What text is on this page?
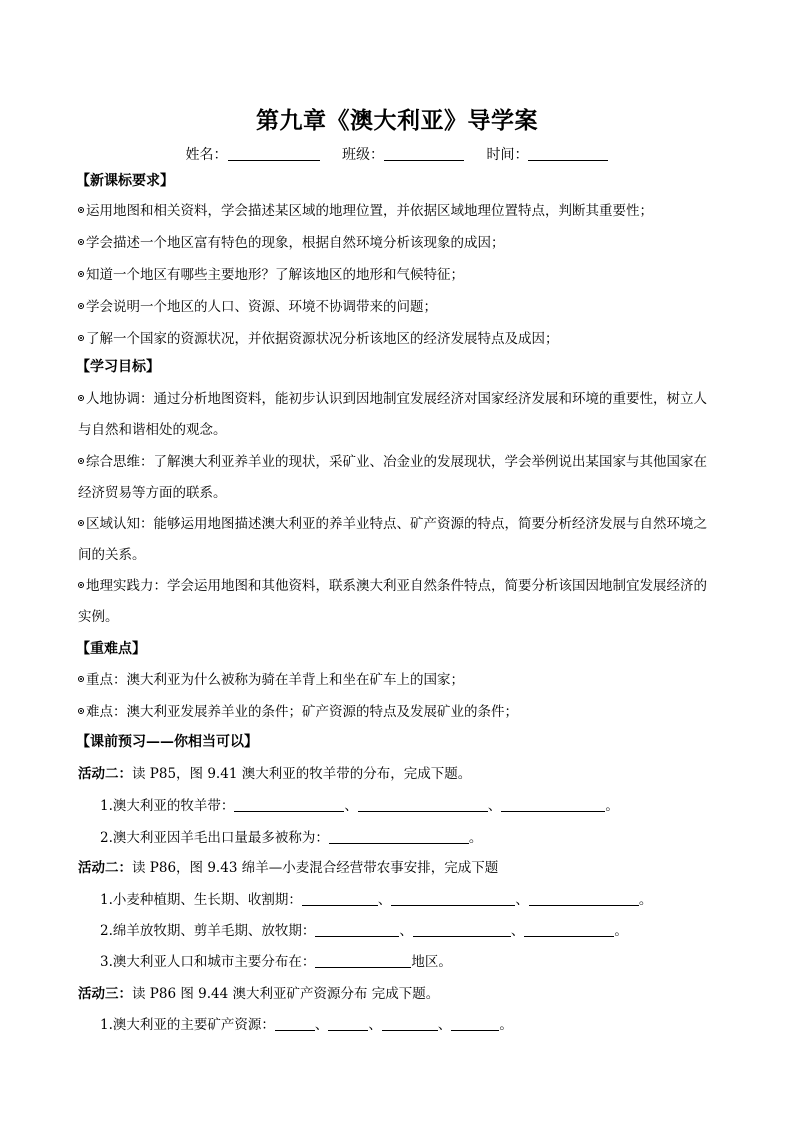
第九章《澳大利亚》导学案
姓名：	班级：	时间：
【新课标要求】
运用地图和相关资料，学会描述某区域的地理位置，并依据区域地理位置特点，判断其重要性；
学会描述一个地区富有特色的现象，根据自然环境分析该现象的成因；
知道一个地区有哪些主要地形？了解该地区的地形和气候特征；
学会说明一个地区的人口、资源、环境不协调带来的问题；
了解一个国家的资源状况，并依据资源状况分析该地区的经济发展特点及成因；
【学习目标】
人地协调：通过分析地图资料，能初步认识到因地制宜发展经济对国家经济发展和环境的重要性，树立人
与自然和谐相处的观念。
综合思维：了解澳大利亚养羊业的现状，采矿业、冶金业的发展现状，学会举例说出某国家与其他国家在
经济贸易等方面的联系。
区域认知：能够运用地图描述澳大利亚的养羊业特点、矿产资源的特点，简要分析经济发展与自然环境之
间的关系。
地理实践力：学会运用地图和其他资料，联系澳大利亚自然条件特点，简要分析该国因地制宜发展经济的
实例。
【重难点】
重点：澳大利亚为什么被称为骑在羊背上和坐在矿车上的国家；
难点：澳大利亚发展养羊业的条件；矿产资源的特点及发展矿业的条件；
【课前预习——你相当可以】
活动二：读 P85，图 9.41 澳大利亚的牧羊带的分布，完成下题。
1.澳大利亚的牧羊带：	、	、	。
2.澳大利亚因羊毛出口量最多被称为：	。
活动二：读 P86，图 9.43 绵羊—小麦混合经营带农事安排，完成下题
1.小麦种植期、生长期、收割期：	、	、	。
2.绵羊放牧期、剪羊毛期、放牧期：	、	、	。
3.澳大利亚人口和城市主要分布在：	地区。
活动三：读 P86 图 9.44 澳大利亚矿产资源分布 完成下题。
1.澳大利亚的主要矿产资源：	、	、	、	。
